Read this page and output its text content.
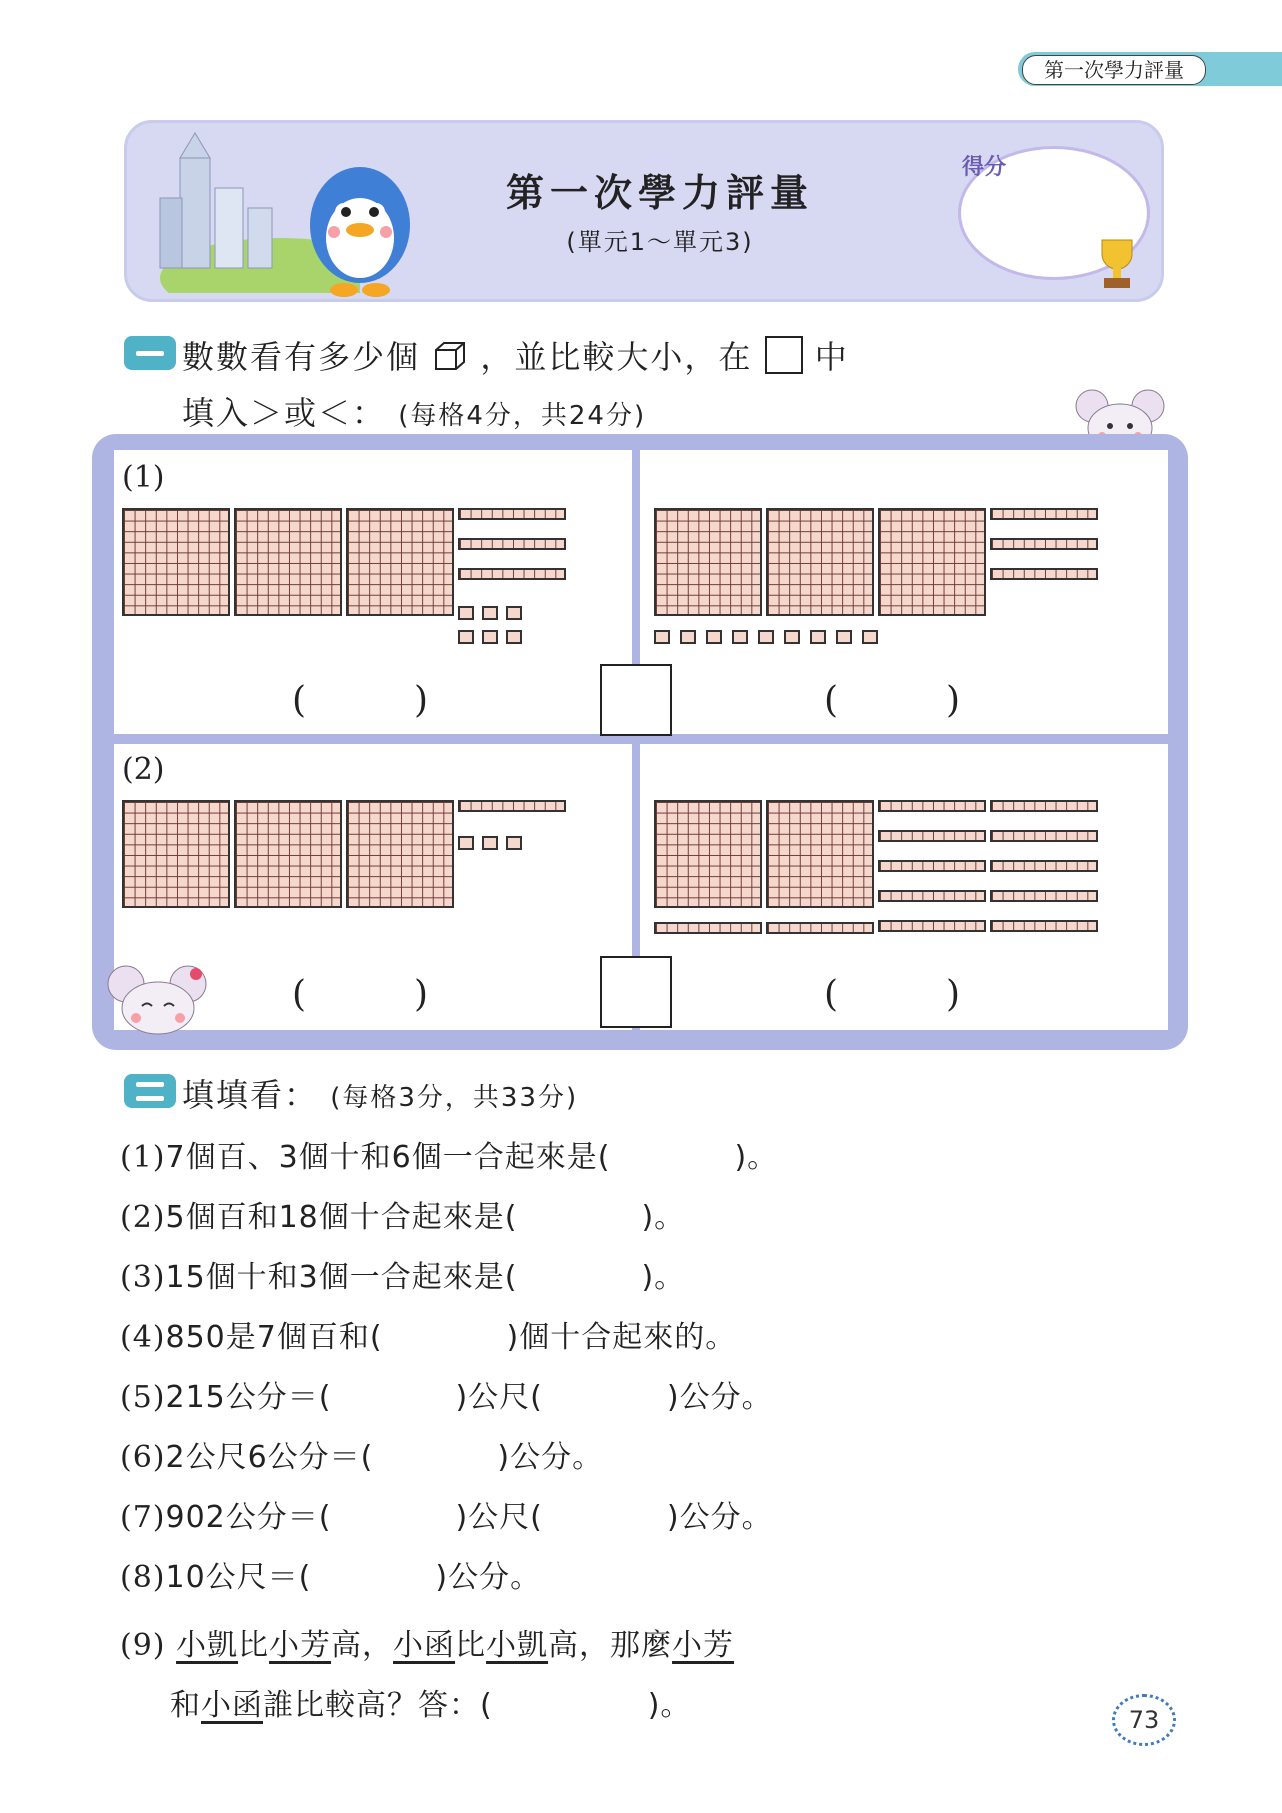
第一次學力評量
第一次學力評量
(單元1～單元3)
得分
數數看有多少個 ，並比較大小，在 中
填入＞或＜： (每格4分，共24分)
(1)
(2)
(　　　)	(　　　)
(　　　)	(　　　)
填填看： (每格3分，共33分)
(1)7個百、3個十和6個一合起來是(　　　　)。
(2)5個百和18個十合起來是(　　　　)。
(3)15個十和3個一合起來是(　　　　)。
(4)850是7個百和(　　　　)個十合起來的。
(5)215公分＝(　　　　)公尺(　　　　)公分。
(6)2公尺6公分＝(　　　　)公分。
(7)902公分＝(　　　　)公尺(　　　　)公分。
(8)10公尺＝(　　　　)公分。
(9) 小凱比小芳高，小函比小凱高，那麼小芳
和小函誰比較高？答：(　　　　　)。	73
